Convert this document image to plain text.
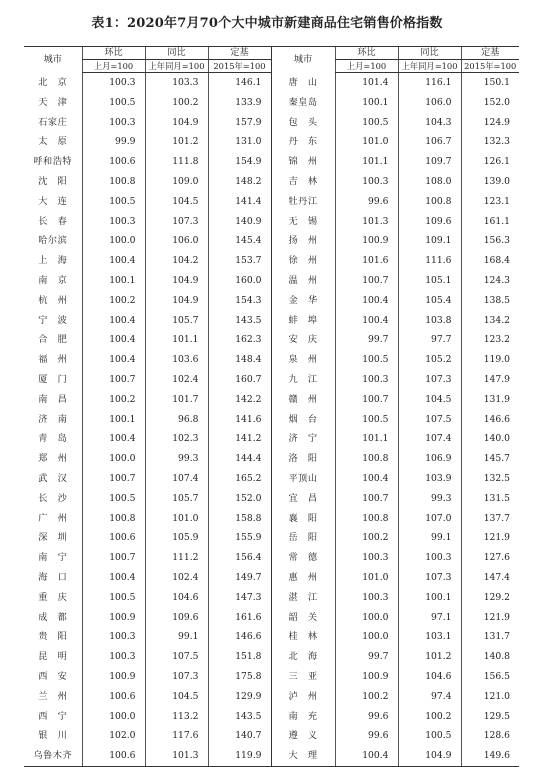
表1：2020年7月70个大中城市新建商品住宅销售价格指数
城市	环比	同比	定基	城市	环比	同比	定基
	上月=100	上年同月=100	2015年=100		上月=100	上年同月=100	2015年=100
北　京	100.3	103.3	146.1	唐　山	101.4	116.1	150.1
天　津	100.5	100.2	133.9	秦皇岛	100.1	106.0	152.0
石家庄	100.3	104.9	157.9	包　头	100.5	104.3	124.9
太　原	99.9	101.2	131.0	丹　东	101.0	106.7	132.3
呼和浩特	100.6	111.8	154.9	锦　州	101.1	109.7	126.1
沈　阳	100.8	109.0	148.2	吉　林	100.3	108.0	139.0
大　连	100.5	104.5	141.4	牡丹江	99.6	100.8	123.1
长　春	100.3	107.3	140.9	无　锡	101.3	109.6	161.1
哈尔滨	100.0	106.0	145.4	扬　州	100.9	109.1	156.3
上　海	100.4	104.2	153.7	徐　州	101.6	111.6	168.4
南　京	100.1	104.9	160.0	温　州	100.7	105.1	124.3
杭　州	100.2	104.9	154.3	金　华	100.4	105.4	138.5
宁　波	100.4	105.7	143.5	蚌　埠	100.4	103.8	134.2
合　肥	100.4	101.1	162.3	安　庆	99.7	97.7	123.2
福　州	100.4	103.6	148.4	泉　州	100.5	105.2	119.0
厦　门	100.7	102.4	160.7	九　江	100.3	107.3	147.9
南　昌	100.2	101.7	142.2	赣　州	100.7	104.5	131.9
济　南	100.1	96.8	141.6	烟　台	100.5	107.5	146.6
青　岛	100.4	102.3	141.2	济　宁	101.1	107.4	140.0
郑　州	100.0	99.3	144.4	洛　阳	100.8	106.9	145.7
武　汉	100.7	107.4	165.2	平顶山	100.4	103.9	132.5
长　沙	100.5	105.7	152.0	宜　昌	100.7	99.3	131.5
广　州	100.8	101.0	158.8	襄　阳	100.8	107.0	137.7
深　圳	100.6	105.9	155.9	岳　阳	100.2	99.1	121.9
南　宁	100.7	111.2	156.4	常　德	100.3	100.3	127.6
海　口	100.4	102.4	149.7	惠　州	101.0	107.3	147.4
重　庆	100.5	104.6	147.3	湛　江	100.3	100.1	129.2
成　都	100.9	109.6	161.6	韶　关	100.0	97.1	121.9
贵　阳	100.3	99.1	146.6	桂　林	100.0	103.1	131.7
昆　明	100.3	107.5	151.8	北　海	99.7	101.2	140.8
西　安	100.9	107.3	175.8	三　亚	100.9	104.6	156.5
兰　州	100.6	104.5	129.9	泸　州	100.2	97.4	121.0
西　宁	100.0	113.2	143.5	南　充	99.6	100.2	129.5
银　川	102.0	117.6	140.7	遵　义	99.6	100.5	128.6
乌鲁木齐	100.6	101.3	119.9	大　理	100.4	104.9	149.6
